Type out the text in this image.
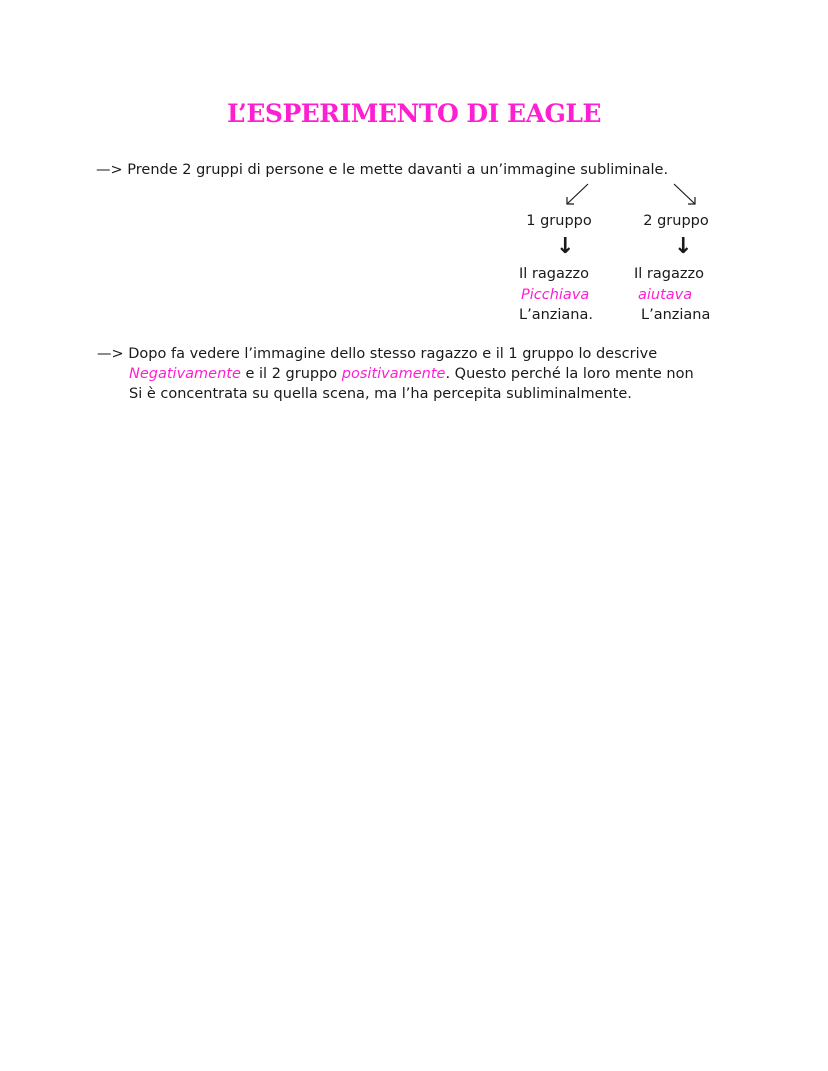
L’ESPERIMENTO DI EAGLE
—> Prende 2 gruppi di persone e le mette davanti a un’immagine subliminale.
1 gruppo
↓
Il ragazzo
Picchiava
L’anziana.
2 gruppo
↓
Il ragazzo
aiutava
L’anziana
—> Dopo fa vedere l’immagine dello stesso ragazzo e il 1 gruppo lo descrive
Negativamente e il 2 gruppo positivamente. Questo perché la loro mente non
Si è concentrata su quella scena, ma l’ha percepita subliminalmente.
